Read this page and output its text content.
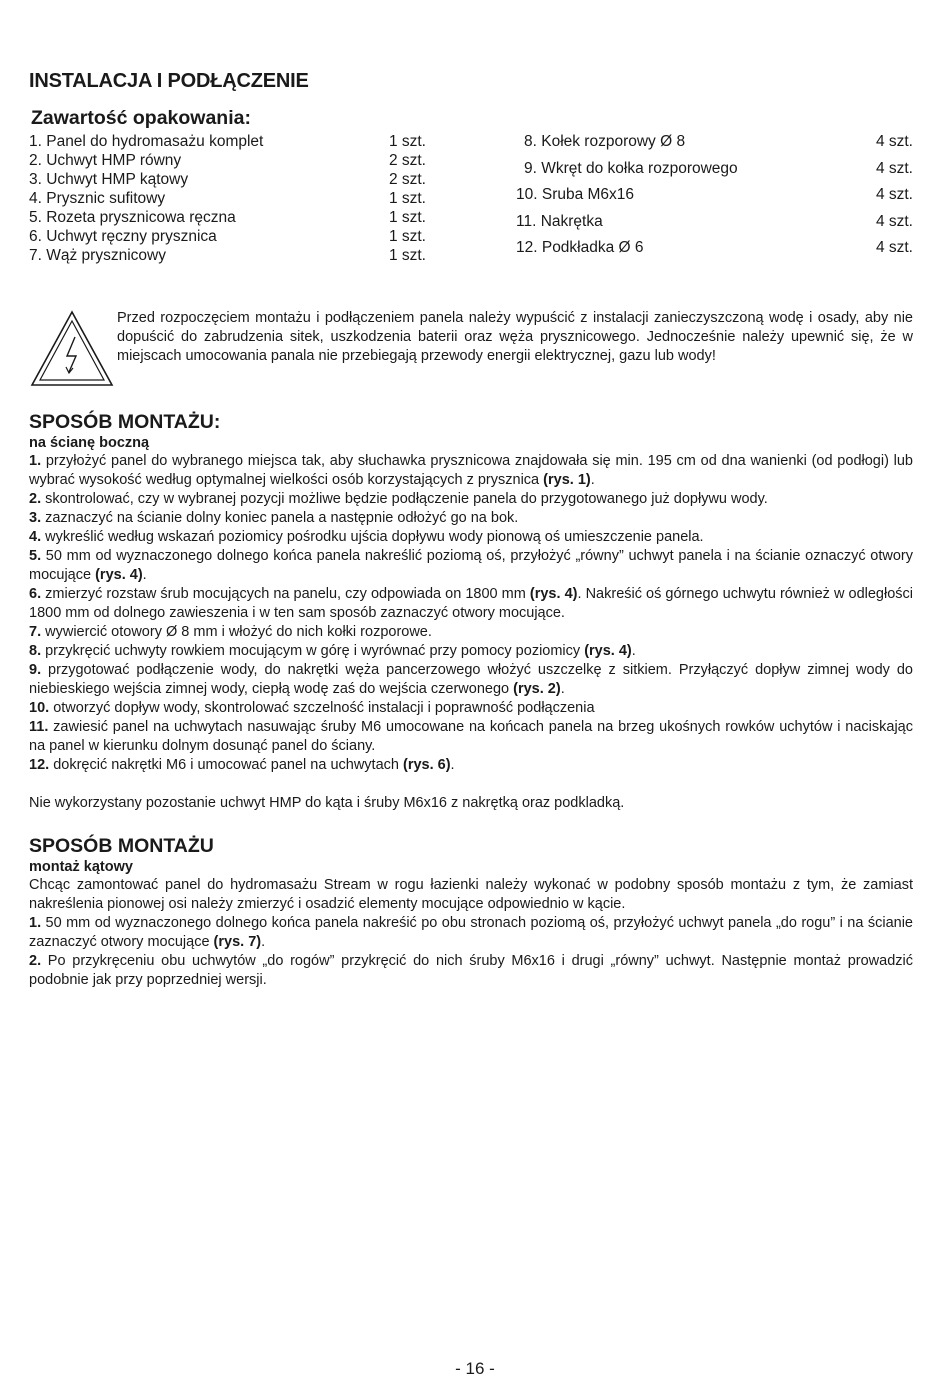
INSTALACJA I PODŁĄCZENIE
Zawartość opakowania:
1. Panel do hydromasażu komplet	1 szt.
2. Uchwyt HMP równy	2 szt.
3. Uchwyt HMP kątowy	2 szt.
4. Prysznic sufitowy	1 szt.
5. Rozeta prysznicowa ręczna	1 szt.
6. Uchwyt ręczny prysznica	1 szt.
7. Wąż prysznicowy	1 szt.
8. Kołek rozporowy Ø 8	4 szt.
9. Wkręt do kołka rozporowego	4 szt.
10. Sruba M6x16	4 szt.
11. Nakrętka	4 szt.
12. Podkładka Ø 6	4 szt.
Przed rozpoczęciem montażu i podłączeniem panela należy wypuścić z instalacji zanieczyszczoną wodę i osady, aby nie dopuścić do zabrudzenia sitek, uszkodzenia baterii oraz węża prysznicowego. Jednocześnie należy upewnić się, że w miejscach umocowania panala nie przebiegają przewody energii elektrycznej, gazu lub wody!
SPOSÓB MONTAŻU:
na ścianę boczną

1. przyłożyć panel do wybranego miejsca tak, aby słuchawka prysznicowa znajdowała się min. 195 cm od dna wanienki (od podłogi) lub wybrać wysokość według optymalnej wielkości osób korzystających z prysznica (rys. 1).

2. skontrolować, czy w wybranej pozycji możliwe będzie podłączenie panela do przygotowanego już dopływu wody.

3. zaznaczyć na ścianie dolny koniec panela a następnie odłożyć go na bok.

4. wykreślić według wskazań poziomicy pośrodku ujścia dopływu wody pionową oś umieszczenie panela.

5. 50 mm od wyznaczonego dolnego końca panela nakreślić poziomą oś, przyłożyć „równy” uchwyt panela i na ścianie oznaczyć otwory mocujące (rys. 4).

6. zmierzyć rozstaw śrub mocujących na panelu, czy odpowiada on 1800 mm (rys. 4). Nakreśić oś górnego uchwytu również w odległości 1800 mm od dolnego zawieszenia i w ten sam sposób zaznaczyć otwory mocujące.

7. wywiercić otowory Ø 8 mm i włożyć do nich kołki rozporowe.

8. przykręcić uchwyty rowkiem mocującym w górę i wyrównać przy pomocy poziomicy (rys. 4).

9. przygotować podłączenie wody, do nakrętki węża pancerzowego włożyć uszczelkę z sitkiem. Przyłączyć dopływ zimnej wody do niebieskiego wejścia zimnej wody, ciepłą wodę zaś do wejścia czerwonego (rys. 2).

10. otworzyć dopływ wody, skontrolować szczelność instalacji i poprawność podłączenia

11. zawiesić panel na uchwytach nasuwając śruby M6 umocowane na końcach panela na brzeg ukośnych rowków uchytów i naciskając na panel w kierunku dolnym dosunąć panel do ściany.

12. dokręcić nakrętki M6 i umocować panel na uchwytach (rys. 6).

Nie wykorzystany pozostanie uchwyt HMP do kąta i śruby M6x16 z nakrętką oraz podkladką.

SPOSÓB MONTAŻU
montaż kątowy

Chcąc zamontować panel do hydromasażu Stream w rogu łazienki należy wykonać w podobny sposób montażu z tym, że zamiast nakreślenia pionowej osi należy zmierzyć i osadzić elementy mocujące odpowiednio w kącie.

1. 50 mm od wyznaczonego dolnego końca panela nakreśić po obu stronach poziomą oś, przyłożyć uchwyt panela „do rogu” i na ścianie zaznaczyć otwory mocujące (rys. 7).

2. Po przykręceniu obu uchwytów „do rogów” przykręcić do nich śruby M6x16 i drugi „równy” uchwyt. Następnie montaż prowadzić podobnie jak przy poprzedniej wersji.

- 16 -
